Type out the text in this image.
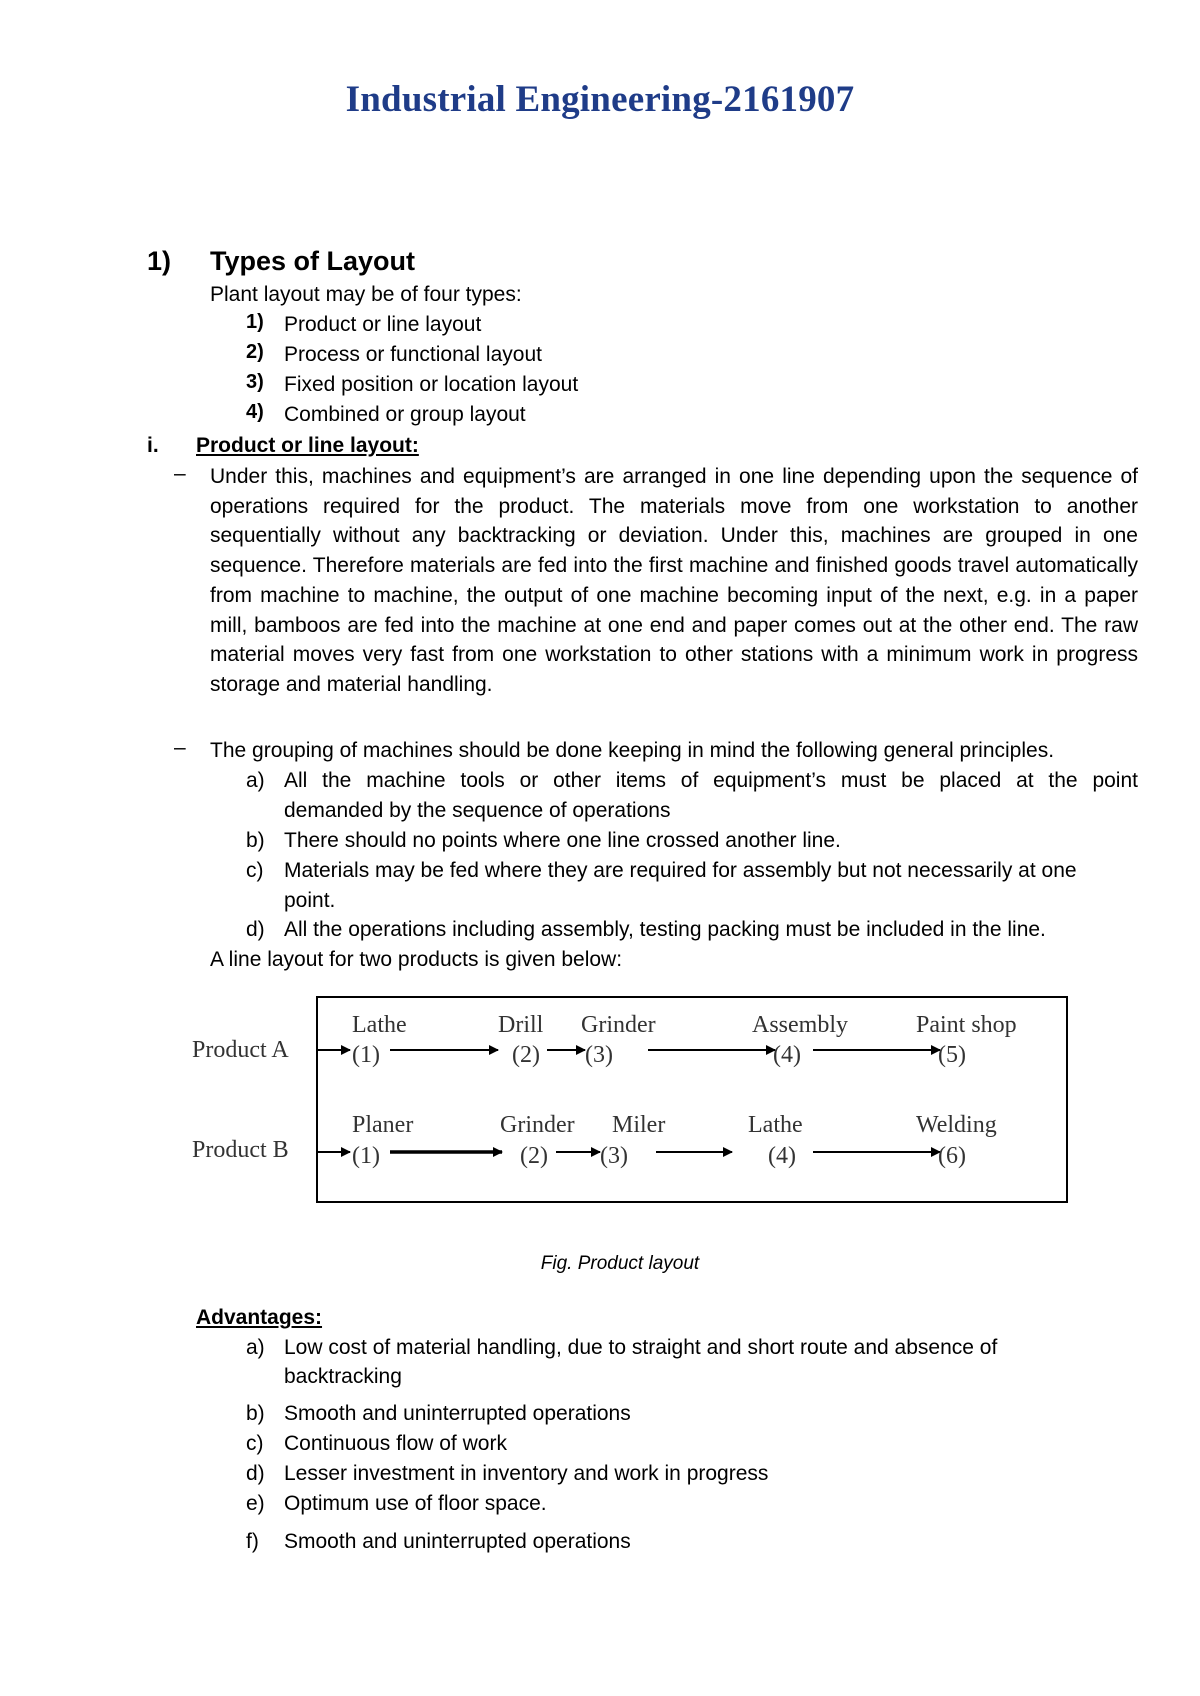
Industrial Engineering-2161907
1) Types of Layout
Plant layout may be of four types:
1) Product or line layout
2) Process or functional layout
3) Fixed position or location layout
4) Combined or group layout
i. Product or line layout:
– Under this, machines and equipment’s are arranged in one line depending upon the sequence of operations required for the product. The materials move from one workstation to another sequentially without any backtracking or deviation. Under this, machines are grouped in one sequence. Therefore materials are fed into the first machine and finished goods travel automatically from machine to machine, the output of one machine becoming input of the next, e.g. in a paper mill, bamboos are fed into the machine at one end and paper comes out at the other end. The raw material moves very fast from one workstation to other stations with a minimum work in progress storage and material handling.

– The grouping of machines should be done keeping in mind the following general principles.
a) All the machine tools or other items of equipment’s must be placed at the point
demanded by the sequence of operations
b) There should no points where one line crossed another line.
c) Materials may be fed where they are required for assembly but not necessarily at one
point.
d) All the operations including assembly, testing packing must be included in the line.
A line layout for two products is given below:
Product A
Lathe
(1)
Drill
(2)
Grinder
(3)
Assembly
(4)
Paint shop
(5)
Product B
Planer
(1)
Grinder
(2)
Miler
(3)
Lathe
(4)
Welding
(6)
Fig. Product layout
Advantages:
a) Low cost of material handling, due to straight and short route and absence of
backtracking
b) Smooth and uninterrupted operations
c) Continuous flow of work
d) Lesser investment in inventory and work in progress
e) Optimum use of floor space.
f) Smooth and uninterrupted operations
